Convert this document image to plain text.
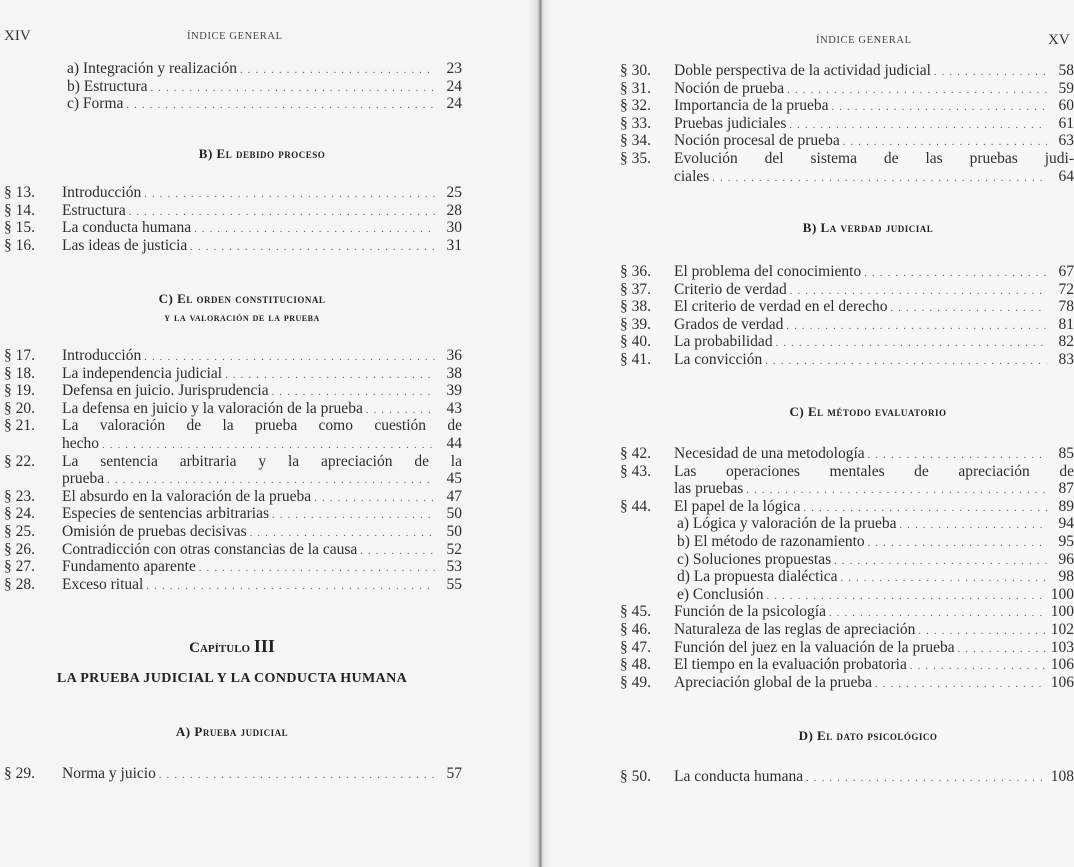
XIV	ÍNDICE GENERAL
a) Integración y realización . . .	23
b) Estructura . . .	24
c) Forma . . .	24
B) El debido proceso
§ 13. Introducción . . .	25
§ 14. Estructura . . .	28
§ 15. La conducta humana . . .	30
§ 16. Las ideas de justicia . . .	31
C) El orden constitucional
y la valoración de la prueba
§ 17. Introducción . . .	36
§ 18. La independencia judicial . . .	38
§ 19. Defensa en juicio. Jurisprudencia . . .	39
§ 20. La defensa en juicio y la valoración de la prueba . . .	43
§ 21. La valoración de la prueba como cuestión de
hecho . . .	44
§ 22. La sentencia arbitraria y la apreciación de la
prueba . . .	45
§ 23. El absurdo en la valoración de la prueba . . .	47
§ 24. Especies de sentencias arbitrarias . . .	50
§ 25. Omisión de pruebas decisivas . . .	50
§ 26. Contradicción con otras constancias de la causa . . .	52
§ 27. Fundamento aparente . . .	53
§ 28. Exceso ritual . . .	55
Capítulo III
LA PRUEBA JUDICIAL Y LA CONDUCTA HUMANA
A) Prueba judicial
§ 29. Norma y juicio . . .	57
ÍNDICE GENERAL	XV
§ 30. Doble perspectiva de la actividad judicial . . .	58
§ 31. Noción de prueba . . .	59
§ 32. Importancia de la prueba . . .	60
§ 33. Pruebas judiciales . . .	61
§ 34. Noción procesal de prueba . . .	63
§ 35. Evolución del sistema de las pruebas judi-
ciales . . .	64
B) La verdad judicial
§ 36. El problema del conocimiento . . .	67
§ 37. Criterio de verdad . . .	72
§ 38. El criterio de verdad en el derecho . . .	78
§ 39. Grados de verdad . . .	81
§ 40. La probabilidad . . .	82
§ 41. La convicción . . .	83
C) El método evaluatorio
§ 42. Necesidad de una metodología . . .	85
§ 43. Las operaciones mentales de apreciación de
las pruebas . . .	87
§ 44. El papel de la lógica . . .	89
a) Lógica y valoración de la prueba . . .	94
b) El método de razonamiento . . .	95
c) Soluciones propuestas . . .	96
d) La propuesta dialéctica . . .	98
e) Conclusión . . .	100
§ 45. Función de la psicología . . .	100
§ 46. Naturaleza de las reglas de apreciación . . .	102
§ 47. Función del juez en la valuación de la prueba . . .	103
§ 48. El tiempo en la evaluación probatoria . . .	106
§ 49. Apreciación global de la prueba . . .	106
D) El dato psicológico
§ 50. La conducta humana . . .	108
